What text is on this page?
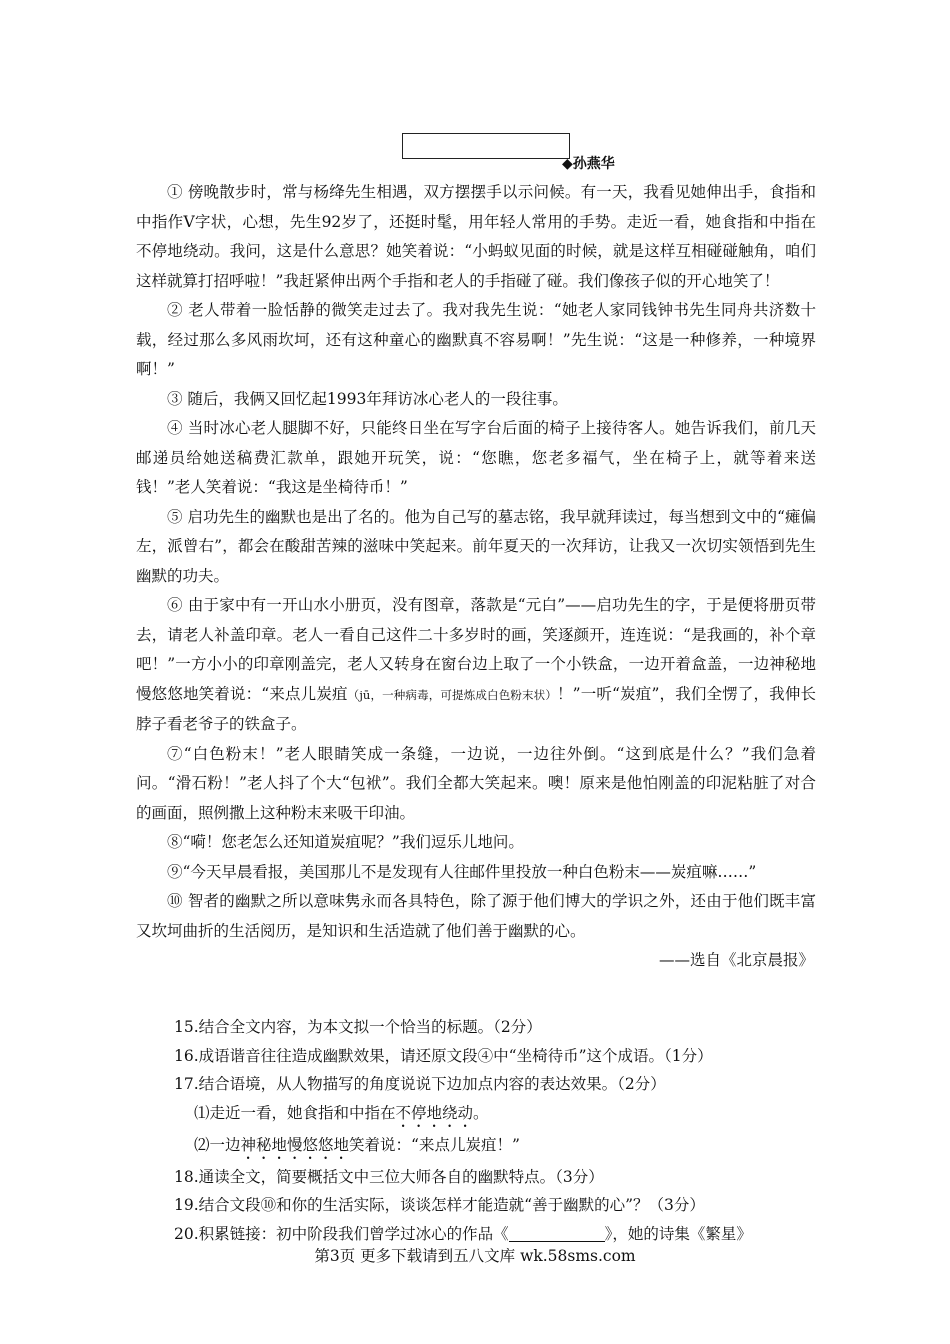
◆孙燕华

① 傍晚散步时，常与杨绛先生相遇，双方摆摆手以示问候。有一天，我看见她伸出手，食指和中指作V字状，心想，先生92岁了，还挺时髦，用年轻人常用的手势。走近一看，她食指和中指在不停地绕动。我问，这是什么意思？她笑着说：“小蚂蚁见面的时候，就是这样互相碰碰触角，咱们这样就算打招呼啦！”我赶紧伸出两个手指和老人的手指碰了碰。我们像孩子似的开心地笑了！

② 老人带着一脸恬静的微笑走过去了。我对我先生说：“她老人家同钱钟书先生同舟共济数十载，经过那么多风雨坎坷，还有这种童心的幽默真不容易啊！”先生说：“这是一种修养，一种境界啊！”

③ 随后，我俩又回忆起1993年拜访冰心老人的一段往事。

④ 当时冰心老人腿脚不好，只能终日坐在写字台后面的椅子上接待客人。她告诉我们，前几天邮递员给她送稿费汇款单，跟她开玩笑，说：“您瞧，您老多福气，坐在椅子上，就等着来送钱！”老人笑着说：“我这是坐椅待币！”

⑤ 启功先生的幽默也是出了名的。他为自己写的墓志铭，我早就拜读过，每当想到文中的“瘫偏左，派曾右”，都会在酸甜苦辣的滋味中笑起来。前年夏天的一次拜访，让我又一次切实领悟到先生幽默的功夫。

⑥ 由于家中有一开山水小册页，没有图章，落款是“元白”——启功先生的字，于是便将册页带去，请老人补盖印章。老人一看自己这件二十多岁时的画，笑逐颜开，连连说：“是我画的，补个章吧！”一方小小的印章刚盖完，老人又转身在窗台边上取了一个小铁盒，一边开着盒盖，一边神秘地慢悠悠地笑着说：“来点儿炭疽（jū，一种病毒，可提炼成白色粉末状）！”一听“炭疽”，我们全愣了，我伸长脖子看老爷子的铁盒子。

⑦“白色粉末！”老人眼睛笑成一条缝，一边说，一边往外倒。“这到底是什么？”我们急着问。“滑石粉！”老人抖了个大“包袱”。我们全都大笑起来。噢！原来是他怕刚盖的印泥粘脏了对合的画面，照例撒上这种粉末来吸干印油。

⑧“嗬！您老怎么还知道炭疽呢？”我们逗乐儿地问。

⑨“今天早晨看报，美国那儿不是发现有人往邮件里投放一种白色粉末——炭疽嘛……”

⑩ 智者的幽默之所以意味隽永而各具特色，除了源于他们博大的学识之外，还由于他们既丰富又坎坷曲折的生活阅历，是知识和生活造就了他们善于幽默的心。

——选自《北京晨报》

15.结合全文内容，为本文拟一个恰当的标题。（2分）

16.成语谐音往往造成幽默效果，请还原文段④中“坐椅待币”这个成语。（1分）

17.结合语境，从人物描写的角度说说下边加点内容的表达效果。（2分）

⑴走近一看，她食指和中指在不停地绕动。

⑵一边神秘地慢悠悠地笑着说：“来点儿炭疽！”

18.通读全文，简要概括文中三位大师各自的幽默特点。（3分）

19.结合文段⑩和你的生活实际，谈谈怎样才能造就“善于幽默的心”？（3分）

20.积累链接：初中阶段我们曾学过冰心的作品《	》，她的诗集《繁星》

第3页 更多下载请到五八文库 wk.58sms.com
